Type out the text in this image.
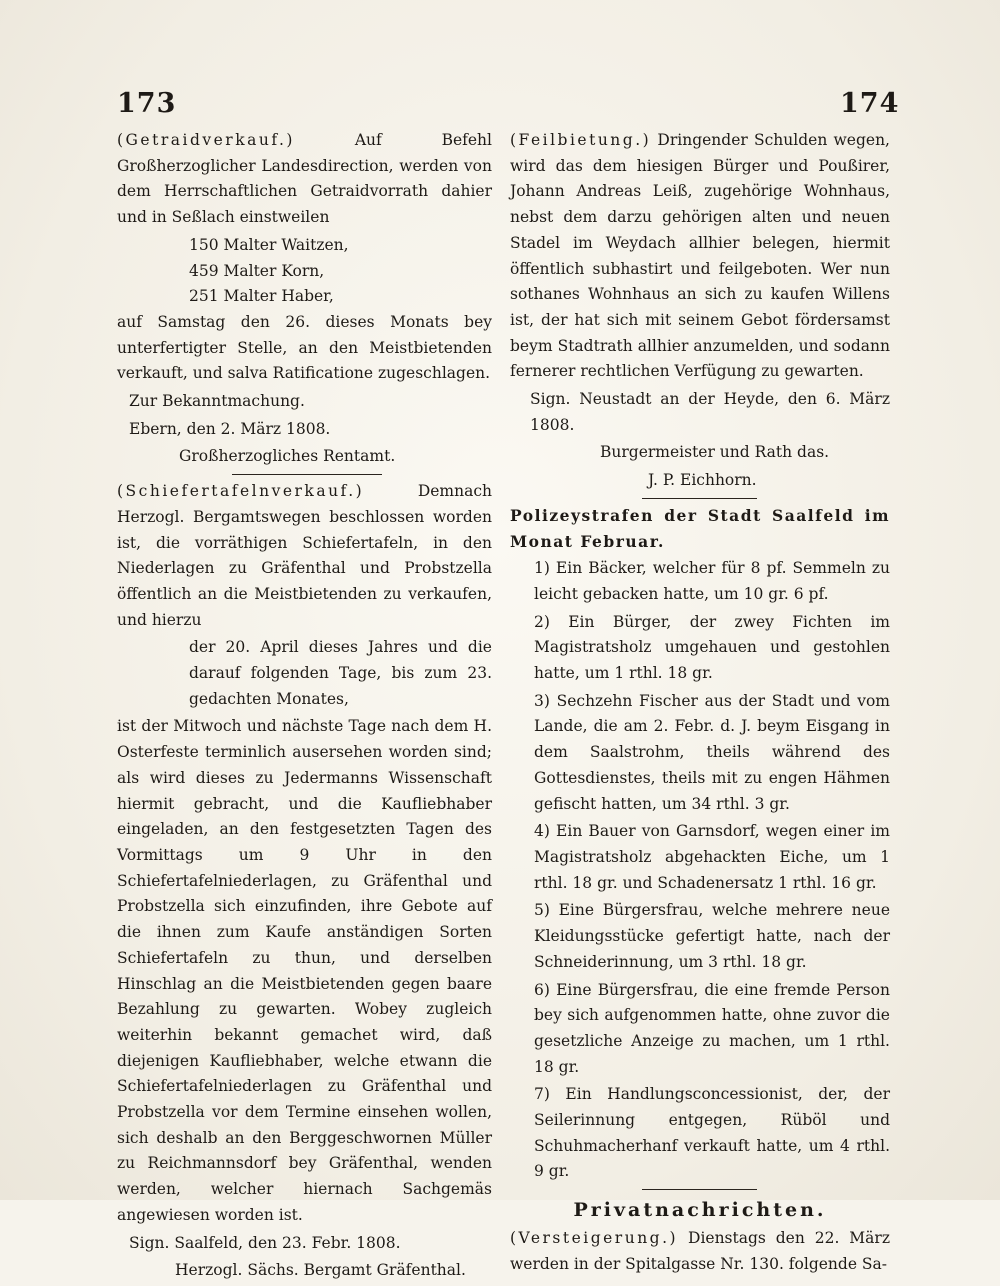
173	174

(Getraidverkauf.)	Auf Befehl Großherzoglicher Landesdirection, werden von dem Herrschaftlichen Getraidvorrath dahier und in Seßlach einstweilen

150 Malter Waitzen,
459 Malter Korn,
251 Malter Haber,

auf Samstag den 26. dieses Monats bey unterfertigter Stelle, an den Meistbietenden verkauft, und salva Ratificatione zugeschlagen.

Zur Bekanntmachung.

Ebern, den 2. März 1808.

Großherzogliches Rentamt.

(Schiefertafelnverkauf.)	Demnach Herzogl. Bergamtswegen beschlossen worden ist, die vorräthigen Schiefertafeln, in den Niederlagen zu Gräfenthal und Probstzella öffentlich an die Meistbietenden zu verkaufen, und hierzu

der 20. April dieses Jahres und die darauf folgenden Tage, bis zum 23. gedachten Monates,

ist der Mitwoch und nächste Tage nach dem H. Osterfeste terminlich ausersehen worden sind; als wird dieses zu Jedermanns Wissenschaft hiermit gebracht, und die Kaufliebhaber eingeladen, an den festgesetzten Tagen des Vormittags um 9 Uhr in den Schiefertafelniederlagen, zu Gräfenthal und Probstzella sich einzufinden, ihre Gebote auf die ihnen zum Kaufe anständigen Sorten Schiefertafeln zu thun, und derselben Hinschlag an die Meistbietenden gegen baare Bezahlung zu gewarten. Wobey zugleich weiterhin bekannt gemachet wird, daß diejenigen Kaufliebhaber, welche etwann die Schiefertafelniederlagen zu Gräfenthal und Probstzella vor dem Termine einsehen wollen, sich deshalb an den Berggeschwornen Müller zu Reichmannsdorf bey Gräfenthal, wenden werden, welcher hiernach Sachgemäs angewiesen worden ist.

Sign. Saalfeld, den 23. Febr. 1808.

Herzogl. Sächs. Bergamt Gräfenthal.

(Feilbietung.) Dringender Schulden wegen, wird das dem hiesigen Bürger und Poußirer, Johann Andreas Leiß, zugehörige Wohnhaus, nebst dem darzu gehörigen alten und neuen Stadel im Weydach allhier belegen, hiermit öffentlich subhastirt und feilgeboten. Wer nun sothanes Wohnhaus an sich zu kaufen Willens ist, der hat sich mit seinem Gebot fördersamst beym Stadtrath allhier anzumelden, und sodann fernerer rechtlichen Verfügung zu gewarten.

Sign. Neustadt an der Heyde, den 6. März 1808.

Burgermeister und Rath das.

J. P. Eichhorn.

Polizeystrafen der Stadt Saalfeld im Monat Februar.

1) Ein Bäcker, welcher für 8 pf. Semmeln zu leicht gebacken hatte, um 10 gr. 6 pf.

2) Ein Bürger, der zwey Fichten im Magistratsholz umgehauen und gestohlen hatte, um 1 rthl. 18 gr.

3) Sechzehn Fischer aus der Stadt und vom Lande, die am 2. Febr. d. J. beym Eisgang in dem Saalstrohm, theils während des Gottesdienstes, theils mit zu engen Hähmen gefischt hatten, um 34 rthl. 3 gr.

4) Ein Bauer von Garnsdorf, wegen einer im Magistratsholz abgehackten Eiche, um 1 rthl. 18 gr. und Schadenersatz 1 rthl. 16 gr.

5) Eine Bürgersfrau, welche mehrere neue Kleidungsstücke gefertigt hatte, nach der Schneiderinnung, um 3 rthl. 18 gr.

6) Eine Bürgersfrau, die eine fremde Person bey sich aufgenommen hatte, ohne zuvor die gesetzliche Anzeige zu machen, um 1 rthl. 18 gr.

7) Ein Handlungsconcessionist, der, der Seilerinnung entgegen, Rüböl und Schuhmacherhanf verkauft hatte, um 4 rthl. 9 gr.

Privatnachrichten.

(Versteigerung.) Dienstags den 22. März werden in der Spitalgasse Nr. 130. folgende Sa-
